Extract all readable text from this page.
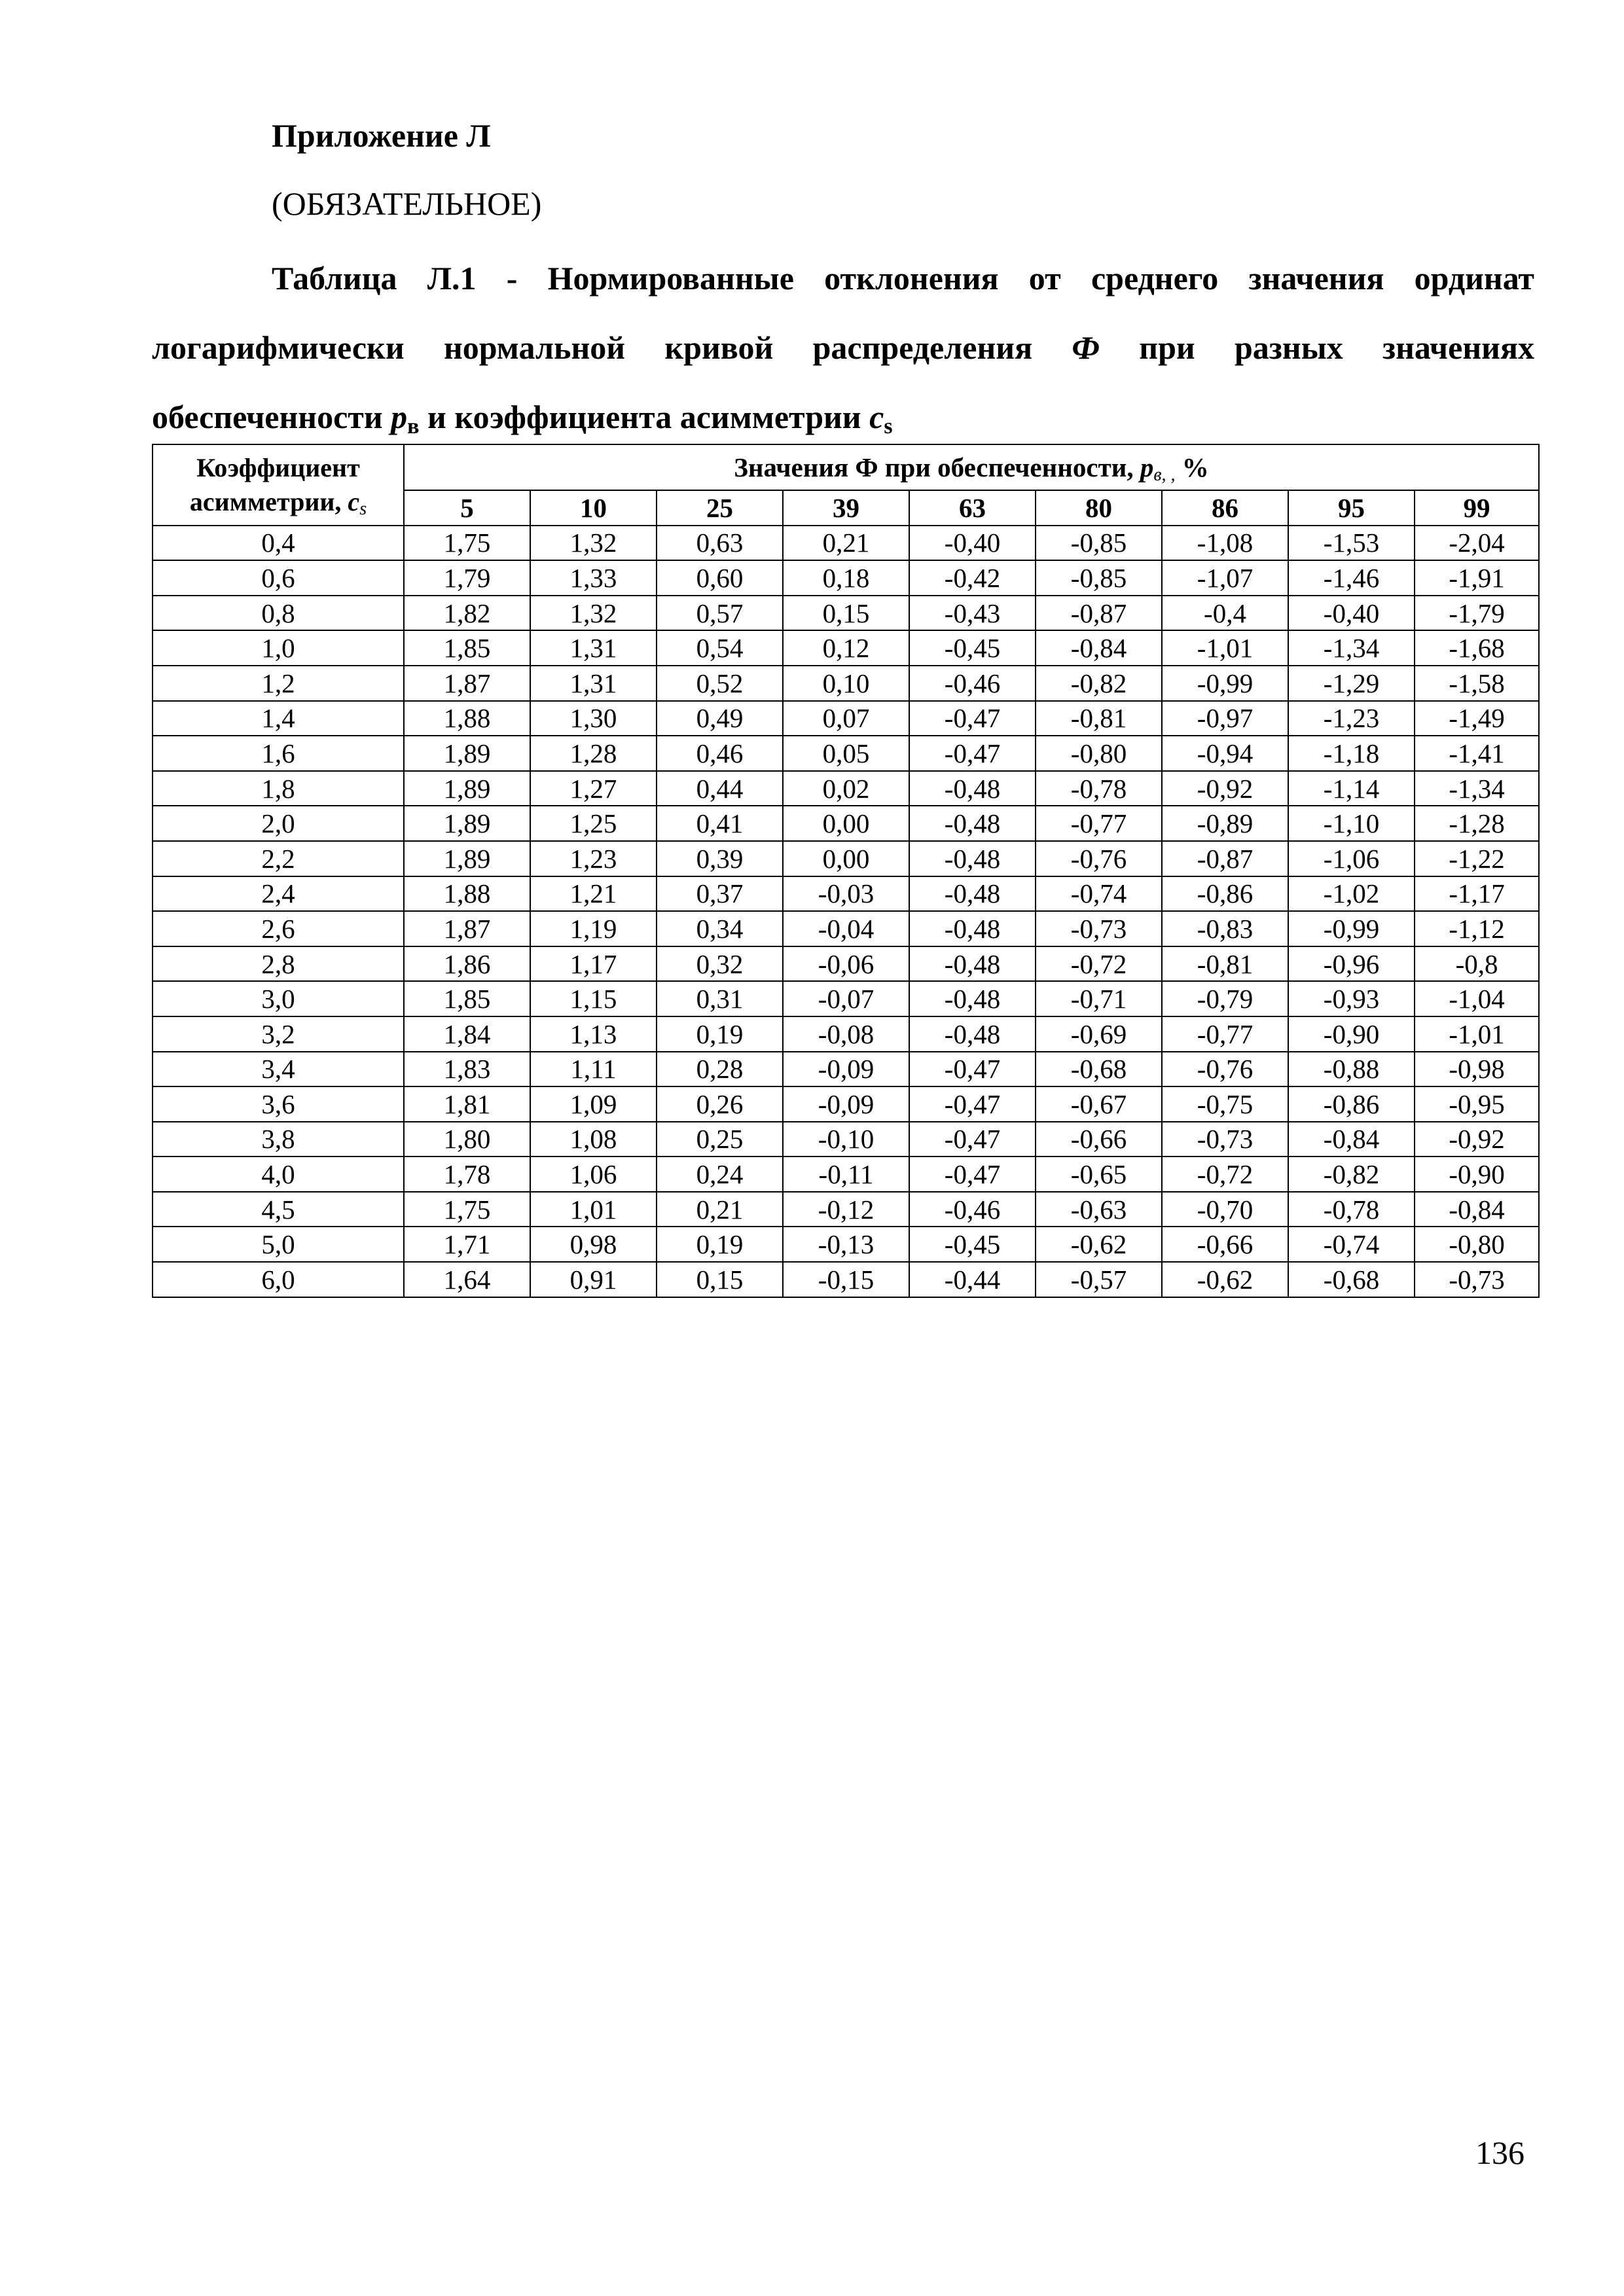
Приложение Л
(ОБЯЗАТЕЛЬНОЕ)
Таблица Л.1 - Нормированные отклонения от среднего значения ординат логарифмически нормальной кривой распределения Ф при разных значениях обеспеченности $p_в$ и коэффициента асимметрии $c_s$
Коэффициент
асимметрии, $c_s$	Значения Ф при обеспеченности, $p_{в, ,}$ %								
	5	10	25	39	63	80	86	95	99
0,4	1,75	1,32	0,63	0,21	-0,40	-0,85	-1,08	-1,53	-2,04
0,6	1,79	1,33	0,60	0,18	-0,42	-0,85	-1,07	-1,46	-1,91
0,8	1,82	1,32	0,57	0,15	-0,43	-0,87	-0,4	-0,40	-1,79
1,0	1,85	1,31	0,54	0,12	-0,45	-0,84	-1,01	-1,34	-1,68
1,2	1,87	1,31	0,52	0,10	-0,46	-0,82	-0,99	-1,29	-1,58
1,4	1,88	1,30	0,49	0,07	-0,47	-0,81	-0,97	-1,23	-1,49
1,6	1,89	1,28	0,46	0,05	-0,47	-0,80	-0,94	-1,18	-1,41
1,8	1,89	1,27	0,44	0,02	-0,48	-0,78	-0,92	-1,14	-1,34
2,0	1,89	1,25	0,41	0,00	-0,48	-0,77	-0,89	-1,10	-1,28
2,2	1,89	1,23	0,39	0,00	-0,48	-0,76	-0,87	-1,06	-1,22
2,4	1,88	1,21	0,37	-0,03	-0,48	-0,74	-0,86	-1,02	-1,17
2,6	1,87	1,19	0,34	-0,04	-0,48	-0,73	-0,83	-0,99	-1,12
2,8	1,86	1,17	0,32	-0,06	-0,48	-0,72	-0,81	-0,96	-0,8
3,0	1,85	1,15	0,31	-0,07	-0,48	-0,71	-0,79	-0,93	-1,04
3,2	1,84	1,13	0,19	-0,08	-0,48	-0,69	-0,77	-0,90	-1,01
3,4	1,83	1,11	0,28	-0,09	-0,47	-0,68	-0,76	-0,88	-0,98
3,6	1,81	1,09	0,26	-0,09	-0,47	-0,67	-0,75	-0,86	-0,95
3,8	1,80	1,08	0,25	-0,10	-0,47	-0,66	-0,73	-0,84	-0,92
4,0	1,78	1,06	0,24	-0,11	-0,47	-0,65	-0,72	-0,82	-0,90
4,5	1,75	1,01	0,21	-0,12	-0,46	-0,63	-0,70	-0,78	-0,84
5,0	1,71	0,98	0,19	-0,13	-0,45	-0,62	-0,66	-0,74	-0,80
6,0	1,64	0,91	0,15	-0,15	-0,44	-0,57	-0,62	-0,68	-0,73
136
